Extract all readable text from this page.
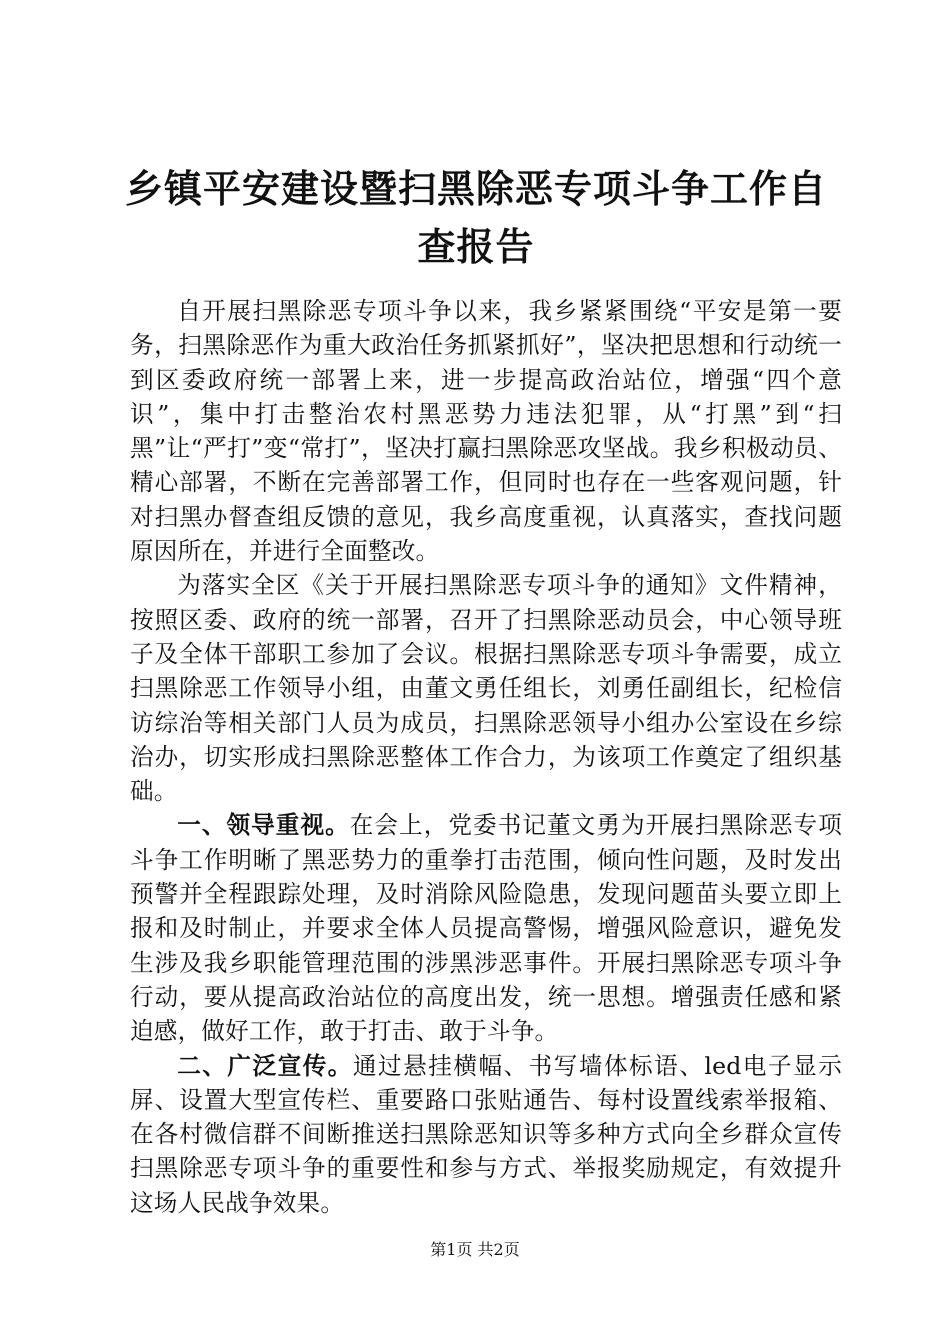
乡镇平安建设暨扫黑除恶专项斗争工作自查报告

自开展扫黑除恶专项斗争以来，我乡紧紧围绕“平安是第一要务，扫黑除恶作为重大政治任务抓紧抓好”，坚决把思想和行动统一到区委政府统一部署上来，进一步提高政治站位，增强“四个意识”，集中打击整治农村黑恶势力违法犯罪，从“打黑”到“扫黑”让“严打”变“常打”，坚决打赢扫黑除恶攻坚战。我乡积极动员、精心部署，不断在完善部署工作，但同时也存在一些客观问题，针对扫黑办督查组反馈的意见，我乡高度重视，认真落实，查找问题原因所在，并进行全面整改。

为落实全区《关于开展扫黑除恶专项斗争的通知》文件精神，按照区委、政府的统一部署，召开了扫黑除恶动员会，中心领导班子及全体干部职工参加了会议。根据扫黑除恶专项斗争需要，成立扫黑除恶工作领导小组，由董文勇任组长，刘勇任副组长，纪检信访综治等相关部门人员为成员，扫黑除恶领导小组办公室设在乡综治办，切实形成扫黑除恶整体工作合力，为该项工作奠定了组织基础。

一、领导重视。在会上，党委书记董文勇为开展扫黑除恶专项斗争工作明晰了黑恶势力的重拳打击范围，倾向性问题，及时发出预警并全程跟踪处理，及时消除风险隐患，发现问题苗头要立即上报和及时制止，并要求全体人员提高警惕，增强风险意识，避免发生涉及我乡职能管理范围的涉黑涉恶事件。开展扫黑除恶专项斗争行动，要从提高政治站位的高度出发，统一思想。增强责任感和紧迫感，做好工作，敢于打击、敢于斗争。

二、广泛宣传。通过悬挂横幅、书写墙体标语、led电子显示屏、设置大型宣传栏、重要路口张贴通告、每村设置线索举报箱、在各村微信群不间断推送扫黑除恶知识等多种方式向全乡群众宣传扫黑除恶专项斗争的重要性和参与方式、举报奖励规定，有效提升这场人民战争效果。

第1页 共2页
